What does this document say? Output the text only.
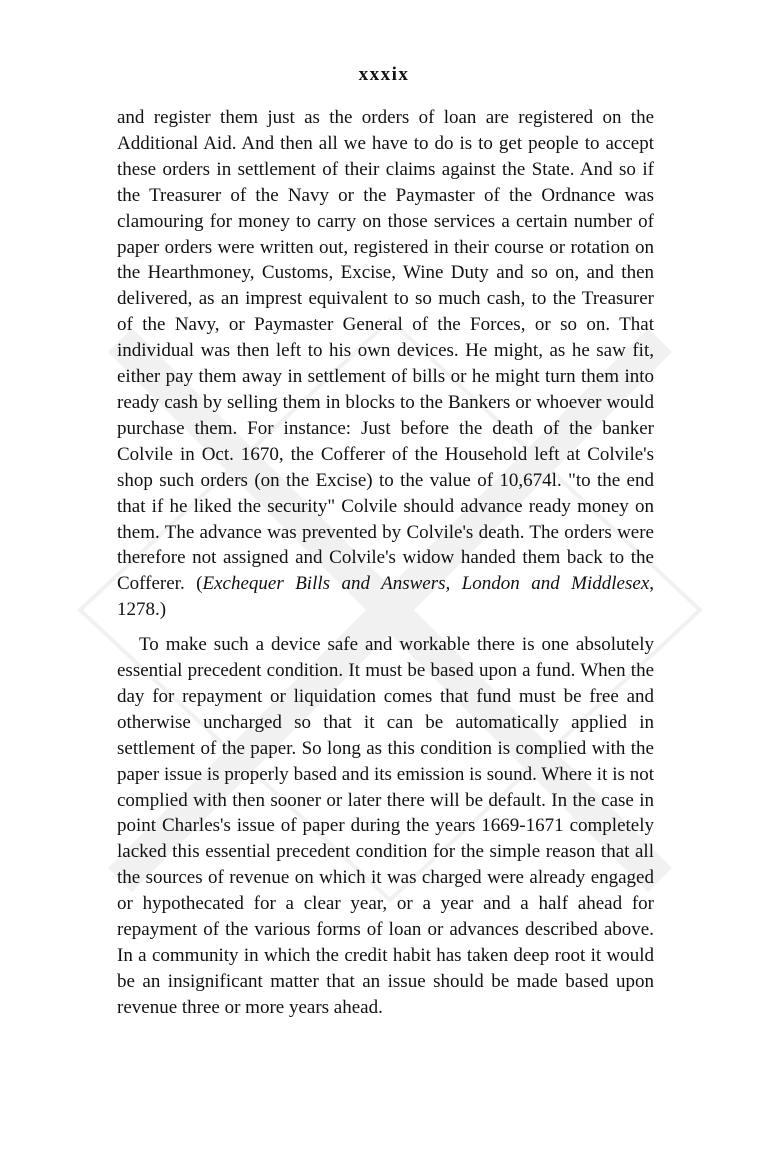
xxxix

and register them just as the orders of loan are registered on the Additional Aid. And then all we have to do is to get people to accept these orders in settlement of their claims against the State. And so if the Treasurer of the Navy or the Paymaster of the Ordnance was clamouring for money to carry on those services a certain number of paper orders were written out, registered in their course or rotation on the Hearthmoney, Customs, Excise, Wine Duty and so on, and then delivered, as an imprest equivalent to so much cash, to the Treasurer of the Navy, or Paymaster General of the Forces, or so on. That individual was then left to his own devices. He might, as he saw fit, either pay them away in settlement of bills or he might turn them into ready cash by selling them in blocks to the Bankers or whoever would purchase them. For instance: Just before the death of the banker Colvile in Oct. 1670, the Cofferer of the Household left at Colvile's shop such orders (on the Excise) to the value of 10,674l. "to the end that if he liked the security" Colvile should advance ready money on them. The advance was prevented by Colvile's death. The orders were therefore not assigned and Colvile's widow handed them back to the Cofferer. (Exchequer Bills and Answers, London and Middlesex, 1278.)

To make such a device safe and workable there is one absolutely essential precedent condition. It must be based upon a fund. When the day for repayment or liquidation comes that fund must be free and otherwise uncharged so that it can be automatically applied in settlement of the paper. So long as this condition is complied with the paper issue is properly based and its emission is sound. Where it is not complied with then sooner or later there will be default. In the case in point Charles's issue of paper during the years 1669-1671 completely lacked this essential precedent condition for the simple reason that all the sources of revenue on which it was charged were already engaged or hypothecated for a clear year, or a year and a half ahead for repayment of the various forms of loan or advances described above. In a community in which the credit habit has taken deep root it would be an insignificant matter that an issue should be made based upon revenue three or more years ahead.
